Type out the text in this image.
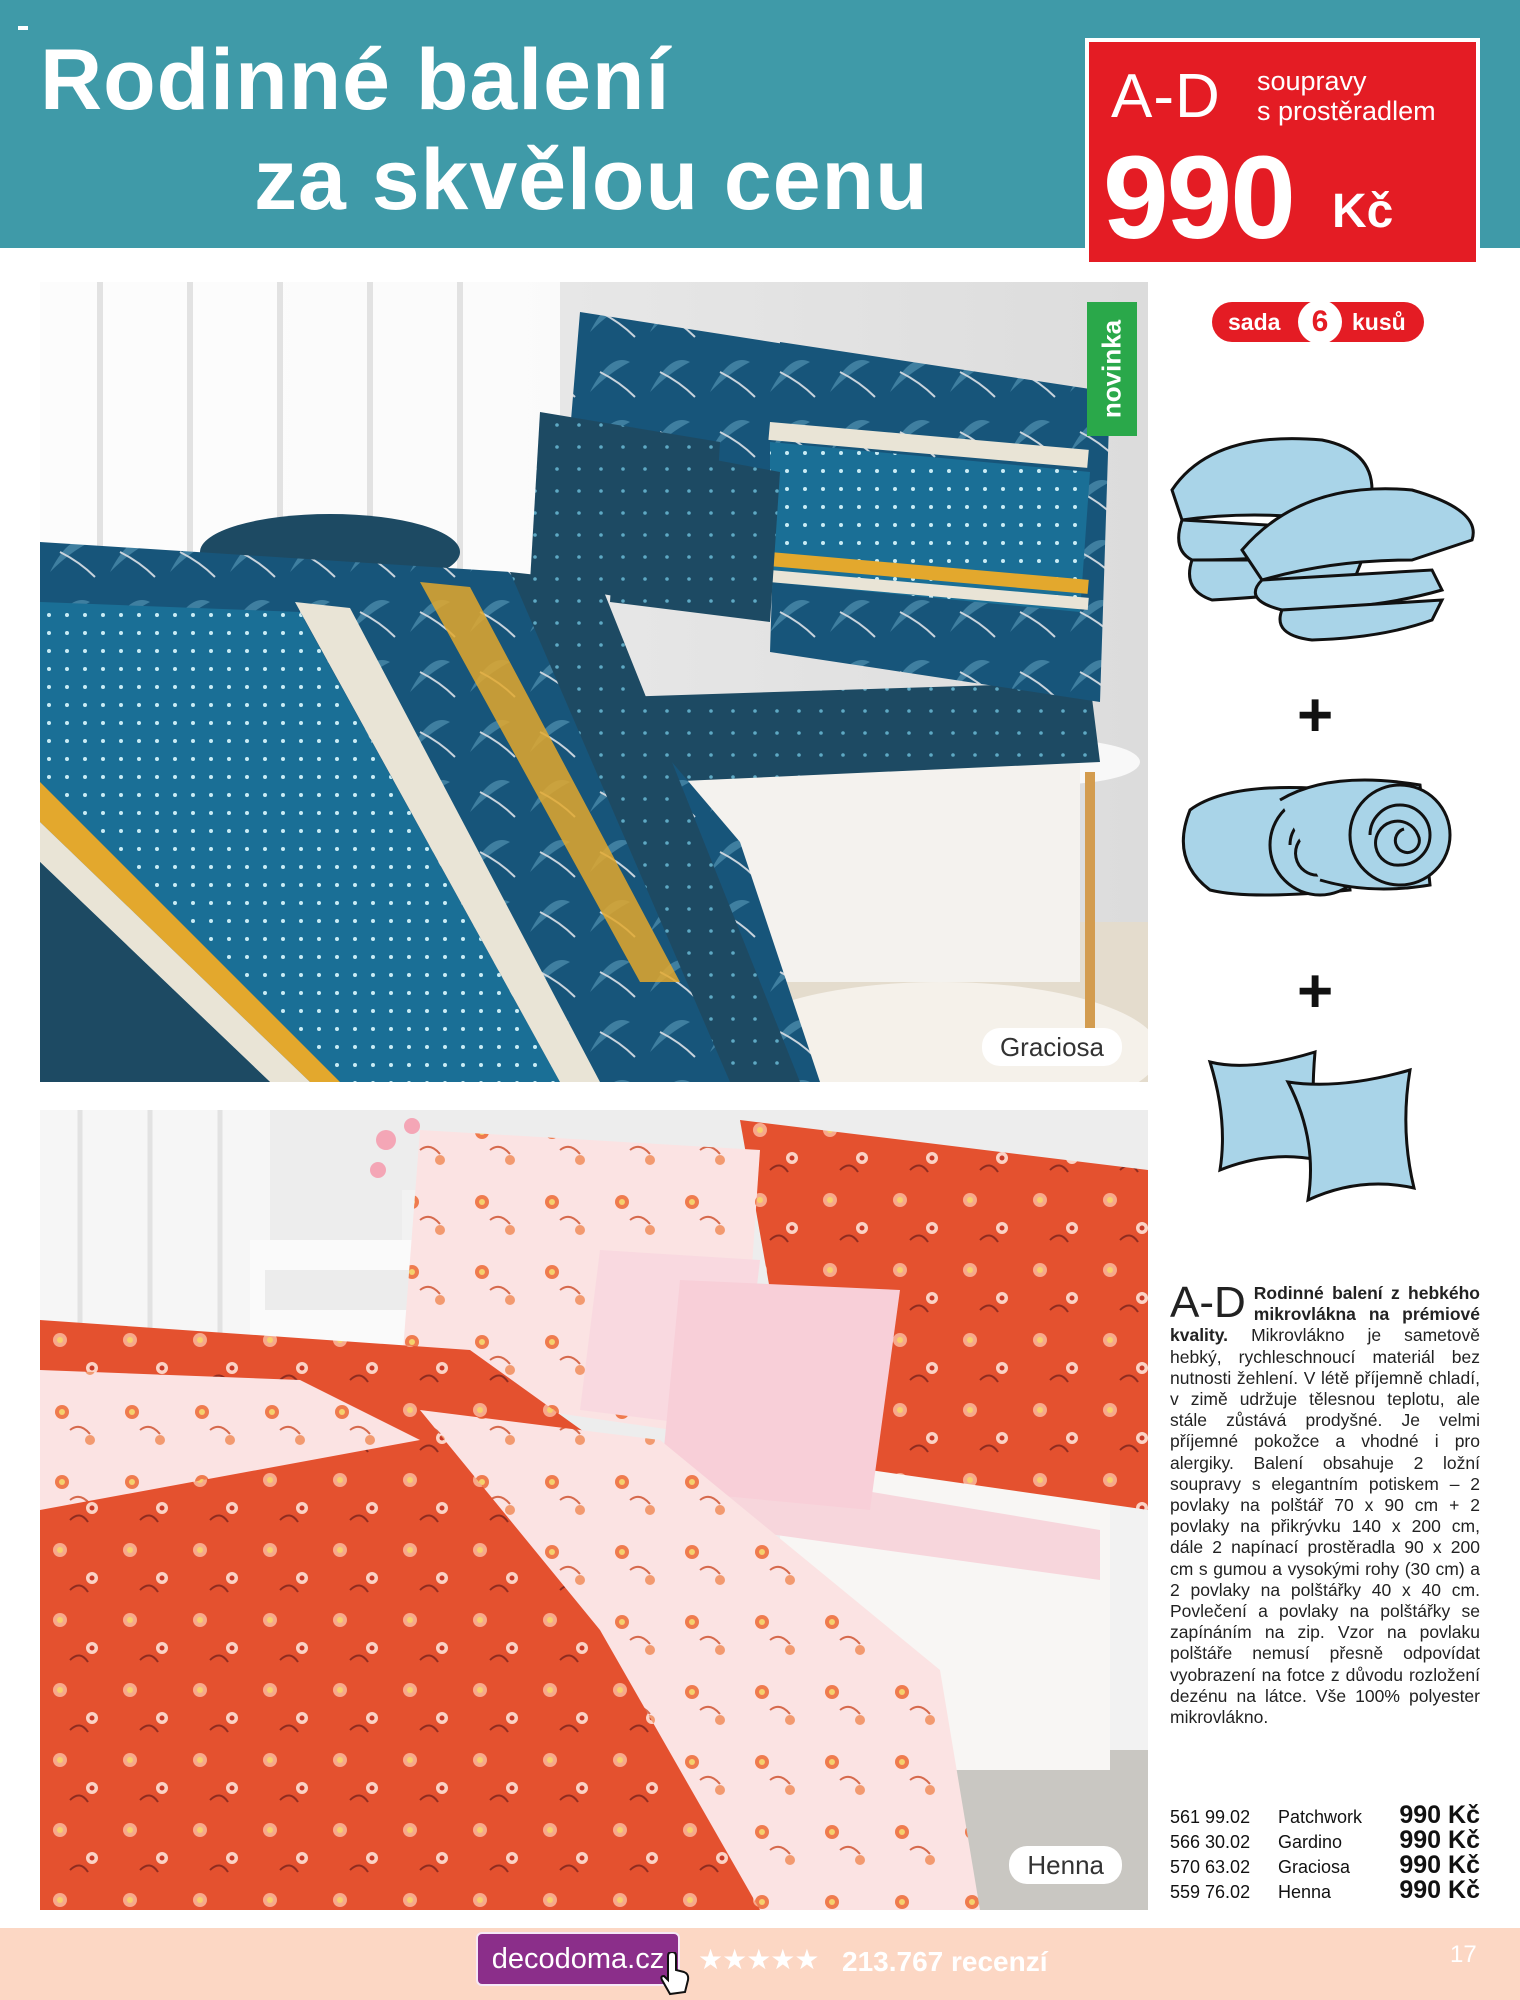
Rodinné balení
za skvělou cenu
A-D soupravy
s prostěradlem
990 Kč
Graciosa
novinka
Henna
sada	6	kusů
+
+
A-D Rodinné balení z hebkého mikrovlákna na prémiové kvality. Mikrovlákno je sametově hebký, rychleschnoucí materiál bez nutnosti žehlení. V létě příjemně chladí, v zimě udržuje tělesnou teplotu, ale stále zůstává prodyšné. Je velmi příjemné pokožce a vhodné i pro alergiky. Balení obsahuje 2 ložní soupravy s elegantním potiskem – 2 povlaky na polštář 70 x 90 cm + 2 povlaky na přikrývku 140 x 200 cm, dále 2 napínací prostěradla 90 x 200 cm s gumou a vysokými rohy (30 cm) a 2 povlaky na polštářky 40 x 40 cm. Povlečení a povlaky na polštářky se zapínáním na zip. Vzor na povlaku polštáře nemusí přesně odpovídat vyobrazení na fotce z důvodu rozložení dezénu na látce. Vše 100% polyester mikrovlákno.
561 99.02	Patchwork	990 Kč
566 30.02	Gardino	990 Kč
570 63.02	Graciosa	990 Kč
559 76.02	Henna	990 Kč
decodoma.cz	★★★★★ 213.767 recenzí	17
